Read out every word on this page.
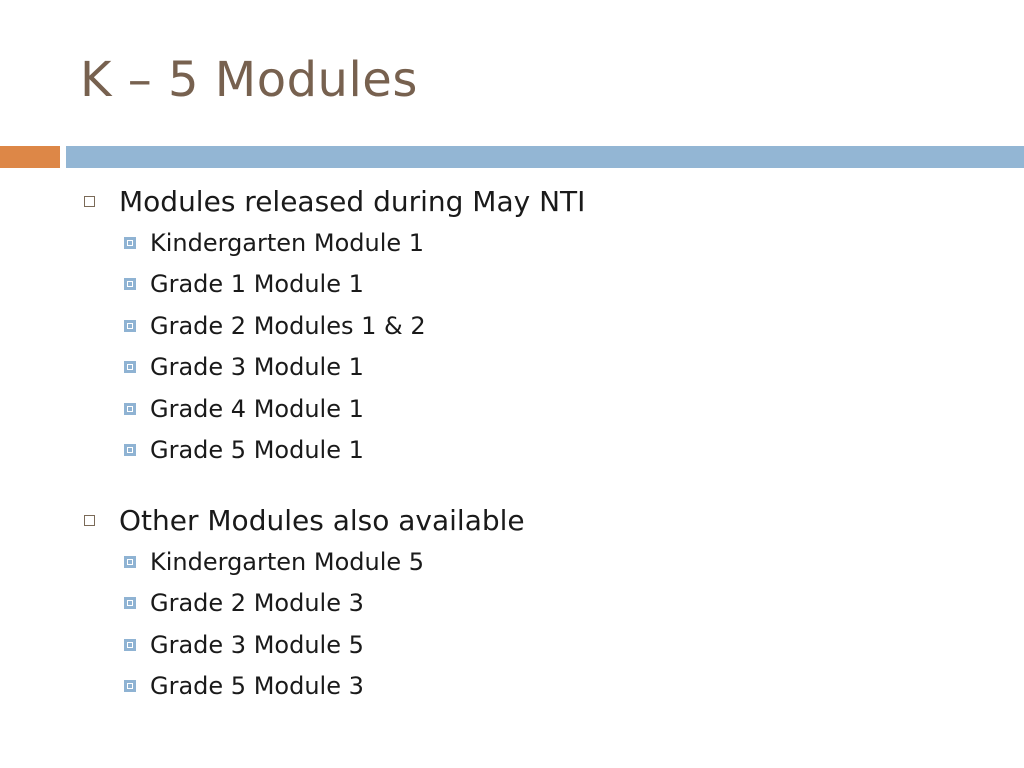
K – 5 Modules
Modules released during May NTI
Kindergarten Module 1
Grade 1 Module 1
Grade 2 Modules 1 & 2
Grade 3 Module 1
Grade 4 Module 1
Grade 5 Module 1
Other Modules also available
Kindergarten Module 5
Grade 2 Module 3
Grade 3 Module 5
Grade 5 Module 3
